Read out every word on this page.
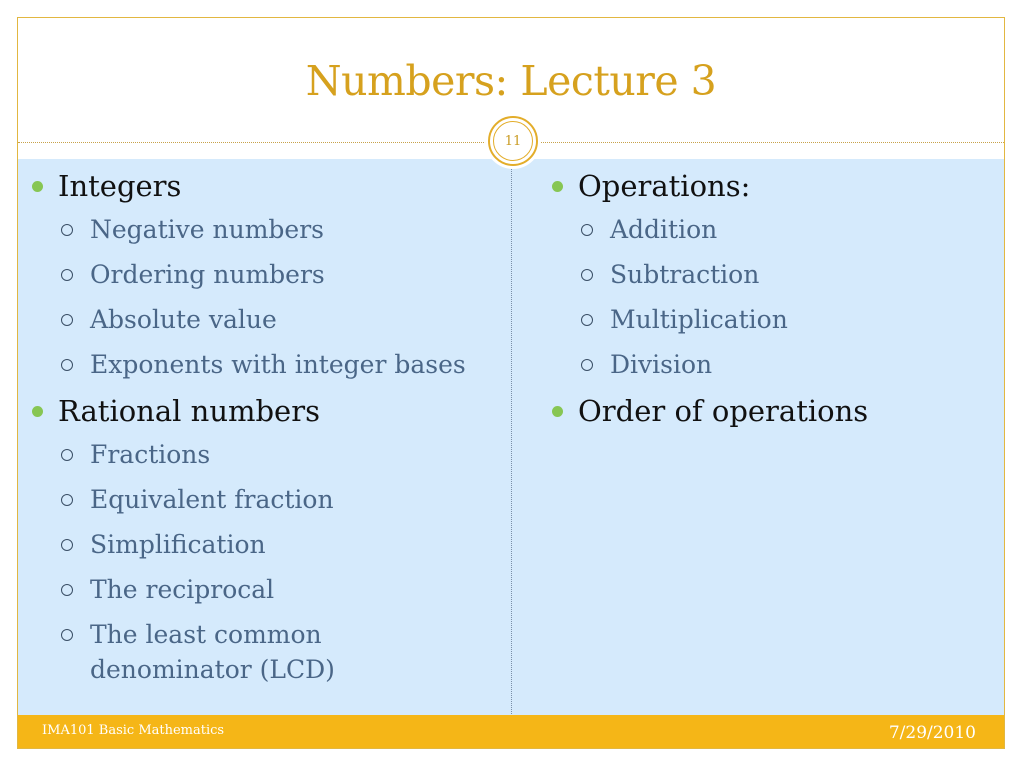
Numbers: Lecture 3
11
Integers
Negative numbers
Ordering numbers
Absolute value
Exponents with integer bases
Rational numbers
Fractions
Equivalent fraction
Simplification
The reciprocal
The least common denominator (LCD)
Operations:
Addition
Subtraction
Multiplication
Division
Order of operations
IMA101 Basic Mathematics	7/29/2010
